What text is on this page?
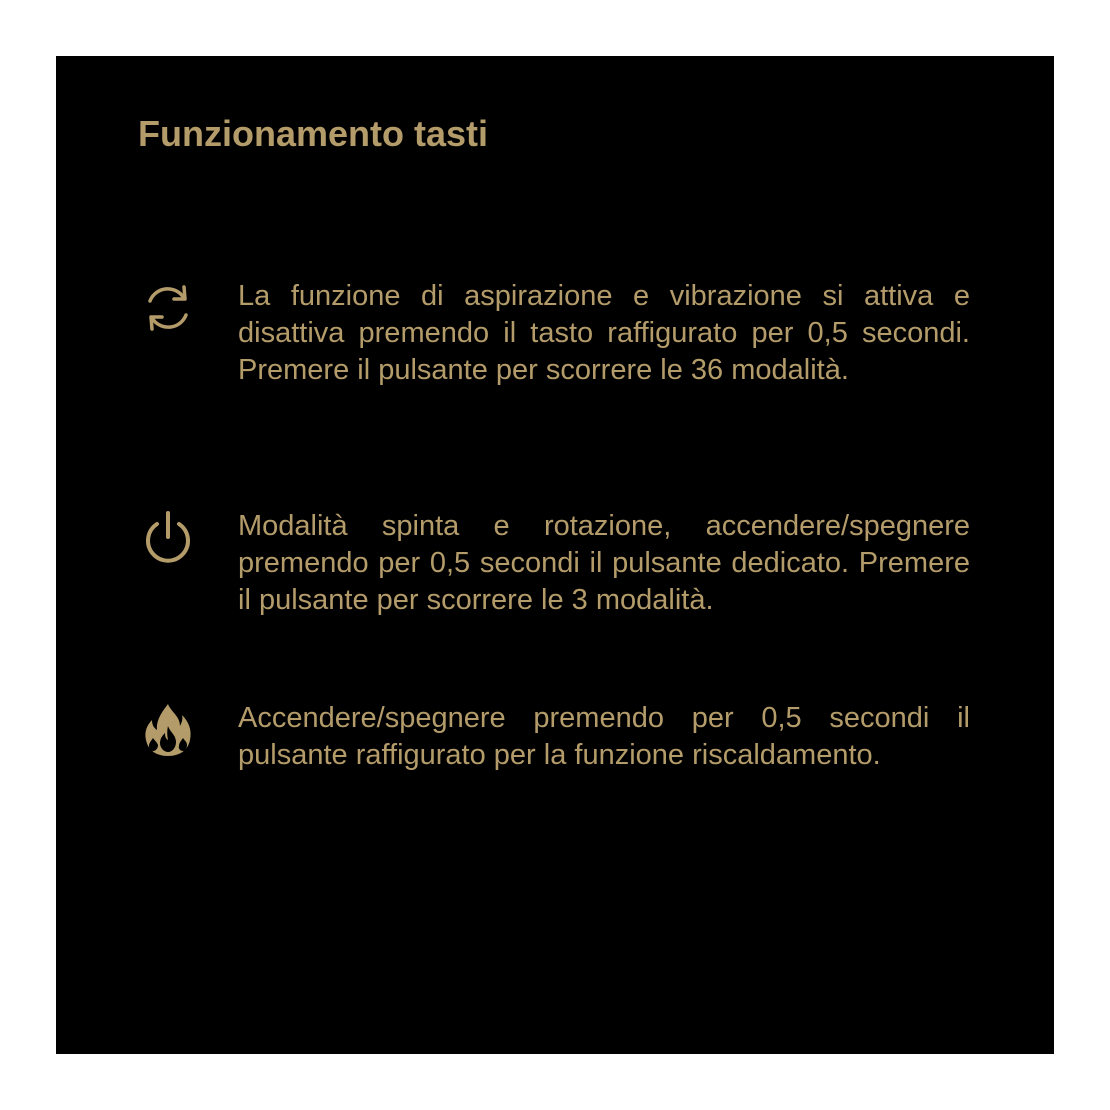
Funzionamento tasti

La funzione di aspirazione e vibrazione si attiva e disattiva premendo il tasto raffigurato per 0,5 secondi. Premere il pulsante per scorrere le 36 modalità.

Modalità spinta e rotazione, accendere/spegnere premendo per 0,5 secondi il pulsante dedicato. Premere il pulsante per scorrere le 3 modalità.

Accendere/spegnere premendo per 0,5 secondi il pulsante raffigurato per la funzione riscaldamento.
